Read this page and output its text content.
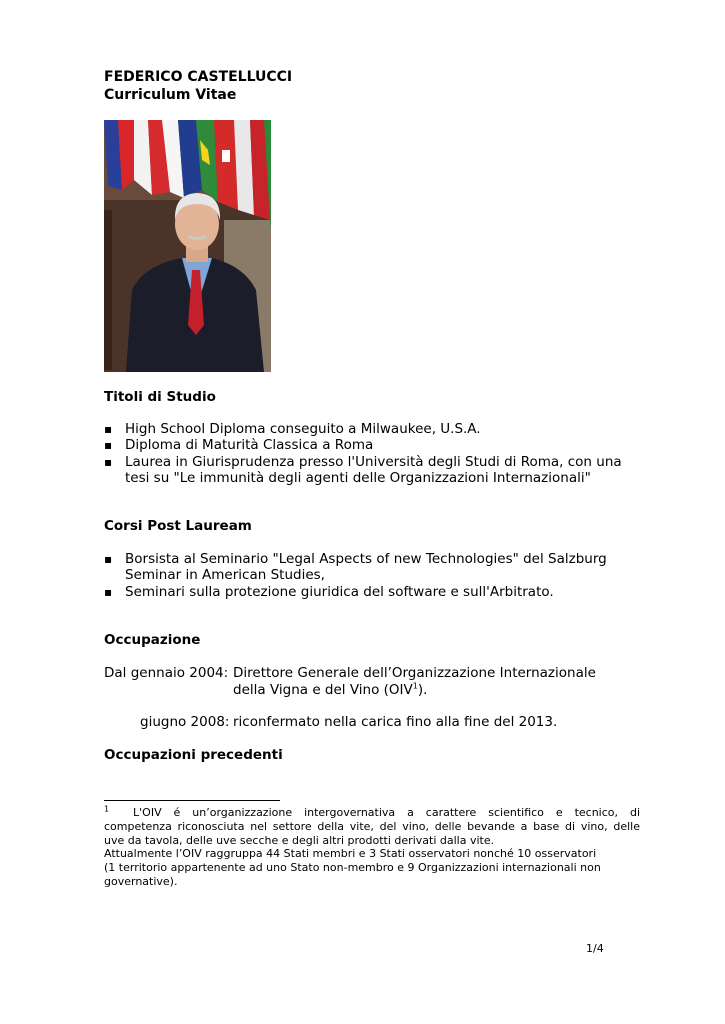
FEDERICO CASTELLUCCI
Curriculum Vitae
Titoli di Studio
▪ High School Diploma conseguito a Milwaukee, U.S.A.
▪ Diploma di Maturità Classica a Roma
▪ Laurea in Giurisprudenza presso l'Università degli Studi di Roma, con una tesi su "Le immunità degli agenti delle Organizzazioni Internazionali"
Corsi Post Lauream
▪ Borsista al Seminario "Legal Aspects of new Technologies" del Salzburg Seminar in American Studies,
▪ Seminari sulla protezione giuridica del software e sull'Arbitrato.
Occupazione
Dal gennaio 2004: Direttore Generale dell’Organizzazione Internazionale
della Vigna e del Vino (OIV$^1$).
giugno 2008: riconfermato nella carica fino alla fine del 2013.
Occupazioni precedenti
$^1$ L'OIV é un’organizzazione intergovernativa a carattere scientifico e tecnico, di
competenza riconosciuta nel settore della vite, del vino, delle bevande a base di vino, delle
uve da tavola, delle uve secche e degli altri prodotti derivati dalla vite.
Attualmente l’OIV raggruppa 44 Stati membri e 3 Stati osservatori nonché 10 osservatori
(1 territorio appartenente ad uno Stato non-membro e 9 Organizzazioni internazionali non
governative).
1/4
